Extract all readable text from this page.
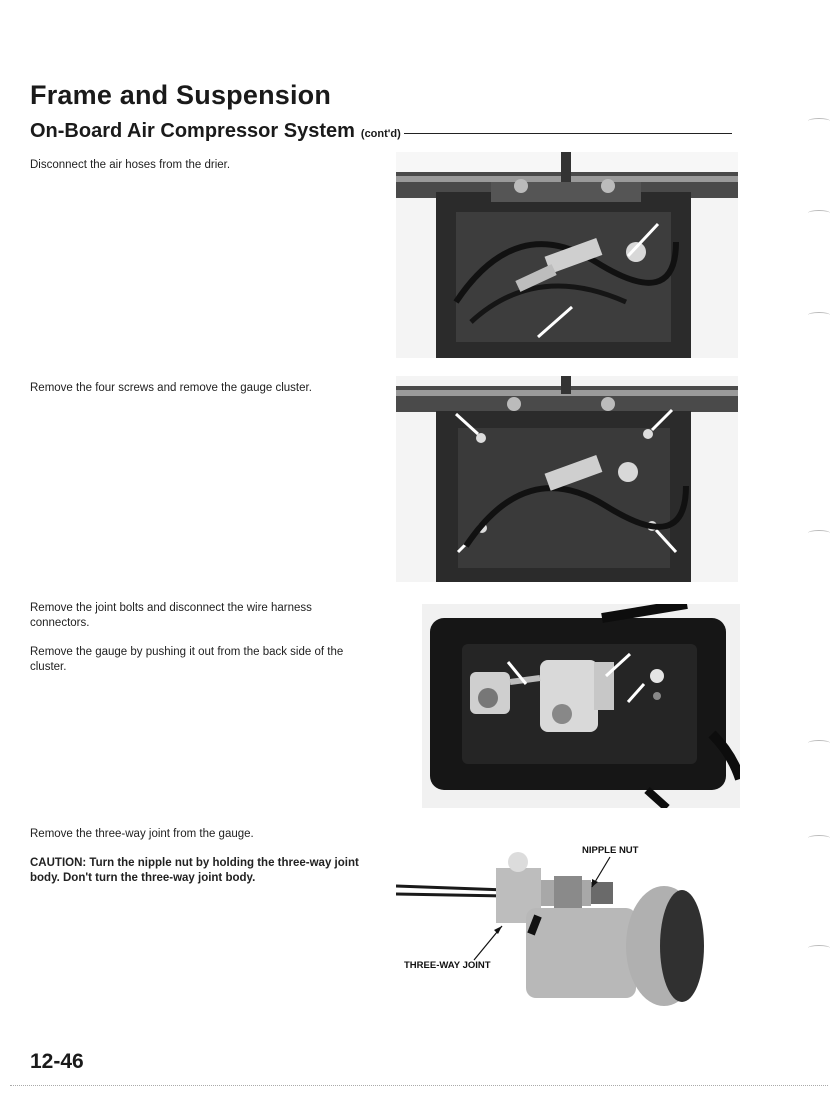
Frame and Suspension
On-Board Air Compressor System (cont'd)

Disconnect the air hoses from the drier.

Remove the four screws and remove the gauge cluster.

Remove the joint bolts and disconnect the wire harness connectors.

Remove the gauge by pushing it out from the back side of the cluster.

Remove the three-way joint from the gauge.

CAUTION: Turn the nipple nut by holding the three-way joint body. Don't turn the three-way joint body.

NIPPLE NUT
THREE-WAY JOINT
12-46
